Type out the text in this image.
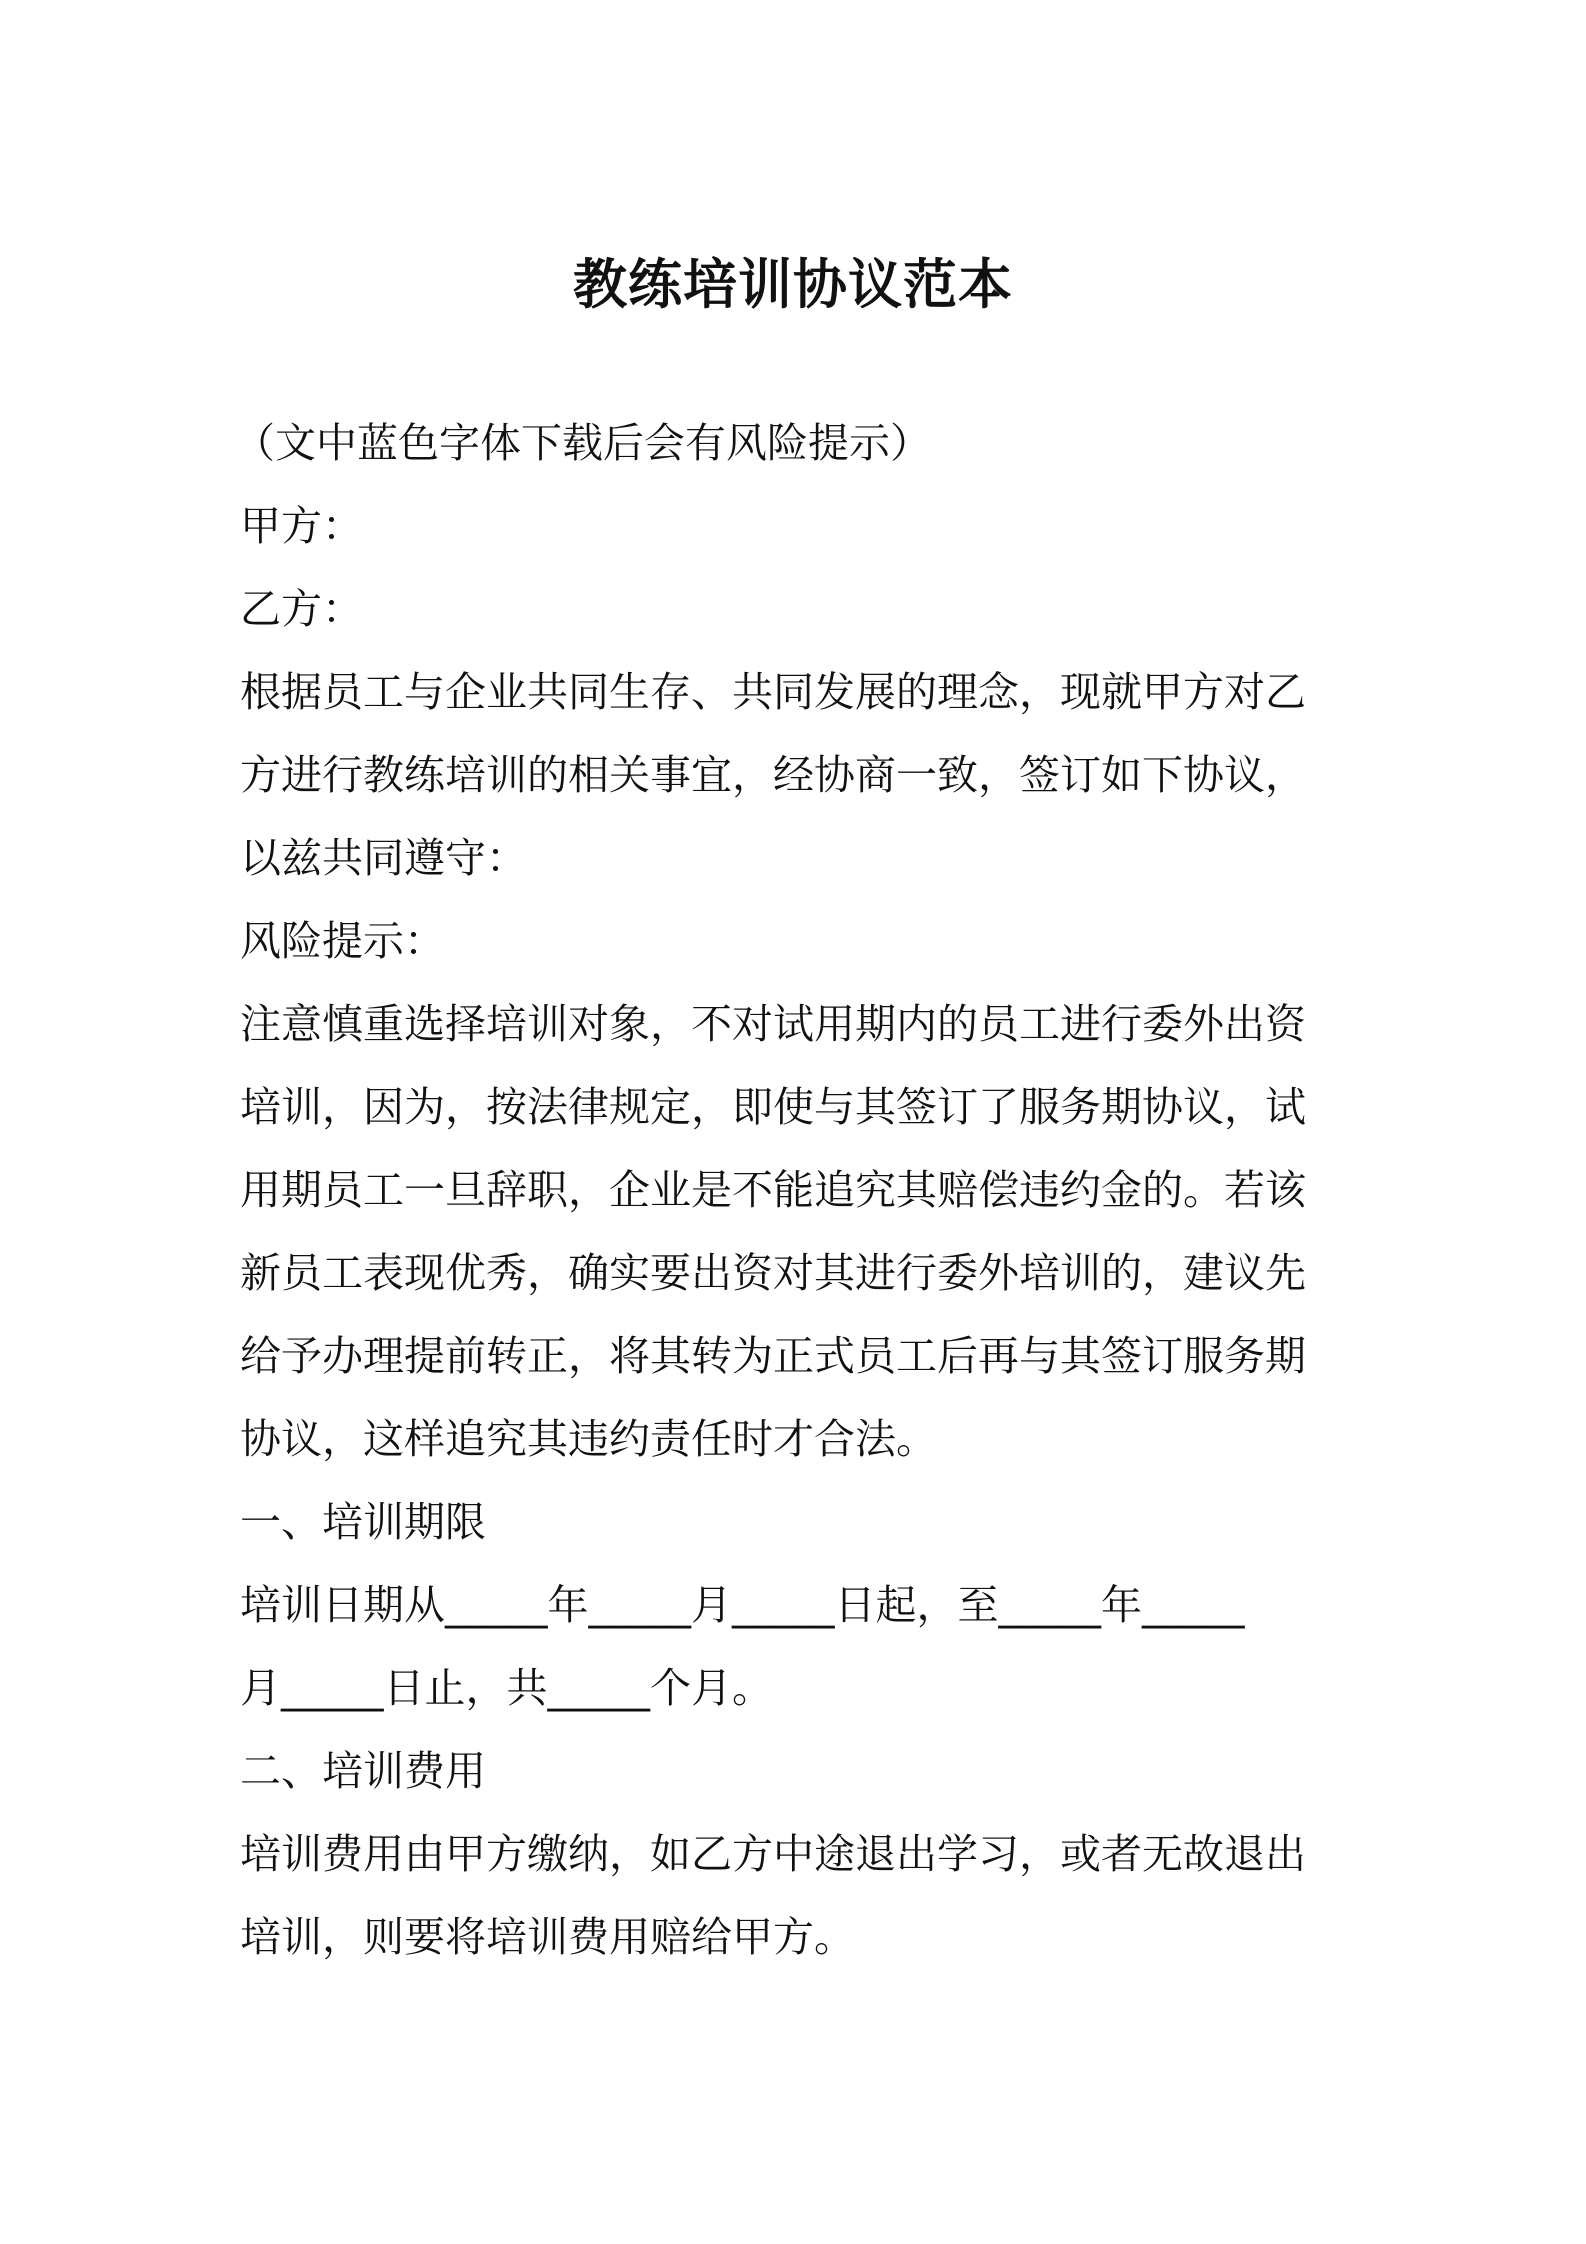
教练培训协议范本
（文中蓝色字体下载后会有风险提示）
甲方：
乙方：
根据员工与企业共同生存、共同发展的理念，现就甲方对乙
方进行教练培训的相关事宜，经协商一致，签订如下协议，
以兹共同遵守：
风险提示：
注意慎重选择培训对象，不对试用期内的员工进行委外出资
培训，因为，按法律规定，即使与其签订了服务期协议，试
用期员工一旦辞职，企业是不能追究其赔偿违约金的。若该
新员工表现优秀，确实要出资对其进行委外培训的，建议先
给予办理提前转正，将其转为正式员工后再与其签订服务期
协议，这样追究其违约责任时才合法。
一、培训期限
培训日期从_____年_____月_____日起，至_____年_____
月_____日止，共_____个月。
二、培训费用
培训费用由甲方缴纳，如乙方中途退出学习，或者无故退出
培训，则要将培训费用赔给甲方。
